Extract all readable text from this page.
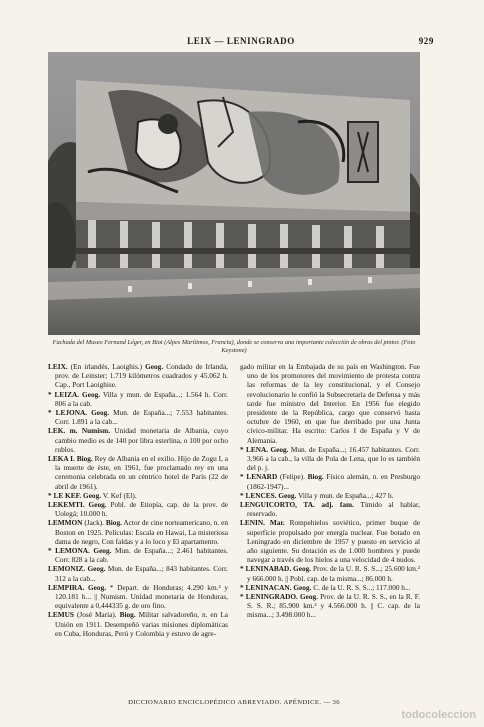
LEIX — LENINGRADO	929
Fachada del Museo Fernand Léger, en Biot (Alpes Marítimos, Francia), donde se conserva una importante colección de obras del pintor. (Foto Keystone)

LEIX. (En irlandés, Laoighis.) Geog. Condado de Irlanda, prov. de Leinster; 1.719 kilómetros cuadrados y 45.062 h. Cap., Port Laoighise.

* LEIZA. Geog. Villa y mun. de España...; 1.564 h. Corr. 806 a la cab.

* LEJONA. Geog. Mun. de España...; 7.553 habitantes. Corr. 1.891 a la cab...

LEK. m. Numism. Unidad monetaria de Albania, cuyo cambio medio es de 140 por libra esterlina, o 100 por ocho rublos.

LEKA I. Biog. Rey de Albania en el exilio. Hijo de Zogu I, a la muerte de éste, en 1961, fue proclamado rey en una ceremonia celebrada en un céntrico hotel de París (22 de abril de 1961).

* LE KEF. Geog. V. Kef (El).

LEKEMTI. Geog. Pobl. de Etiopía, cap. de la prov. de Uolegá; 10.000 h.

LEMMON (Jack). Biog. Actor de cine norteamericano, n. en Boston en 1925. Películas: Escala en Hawai, La misteriosa dama de negro, Con faldas y a lo loco y El apartamento.

* LEMONA. Geog. Mun. de España...; 2.461 habitantes. Corr. 828 a la cab.

LEMONIZ. Geog. Mun. de España...; 843 habitantes. Corr. 312 a la cab...

LEMPIRA. Geog. * Depart. de Honduras; 4.290 km.² y 120.181 h... || Numism. Unidad monetaria de Honduras, equivalente a 0,444335 g. de oro fino.

LEMUS (José María). Biog. Militar salvadoreño, n. en La Unión en 1911. Desempeñó varias misiones diplomáticas en Cuba, Honduras, Perú y Colombia y estuvo de agre-

gado militar en la Embajada de su país en Washington. Fue uno de los promotores del movimiento de protesta contra las reformas de la ley constitucional, y el Consejo revolucionario le confió la Subsecretaría de Defensa y más tarde fue ministro del Interior. En 1956 fue elegido presidente de la República, cargo que conservó hasta octubre de 1960, en que fue derribado por una Junta cívico-militar. Ha escrito: Carlos I de España y V de Alemania.

* LENA. Geog. Mun. de España...; 16.457 habitantes. Corr. 3.966 a la cab., la villa de Pola de Lena, que lo es también del p. j.

* LENARD (Felipe). Biog. Físico alemán, n. en Presburgo (1862-1947)...

* LENCES. Geog. Villa y mun. de España...; 427 h.

LENGUICORTO, TA. adj. fam. Tímido al hablar, reservado.

LENIN. Mar. Rompehielos soviético, primer buque de superficie propulsado por energía nuclear. Fue botado en Leningrado en diciembre de 1957 y puesto en servicio al año siguiente. Su dotación es de 1.000 hombres y puede navegar a través de los hielos a una velocidad de 4 nudos.

* LENINABAD. Geog. Prov. de la U. R. S. S...; 25.600 km.² y 666.000 h. || Pobl. cap. de la misma...; 86.000 h.

* LENINACAN. Geog. C. de la U. R. S. S...; 117.000 h...

* LENINGRADO. Geog. Prov. de la U. R. S. S., en la R. F. S. S. R.; 85.900 km.² y 4.566.000 h. || C. cap. de la misma...; 3.498.000 h...

DICCIONARIO ENCICLOPÉDICO ABREVIADO. APÉNDICE. — 36
todocoleccion
